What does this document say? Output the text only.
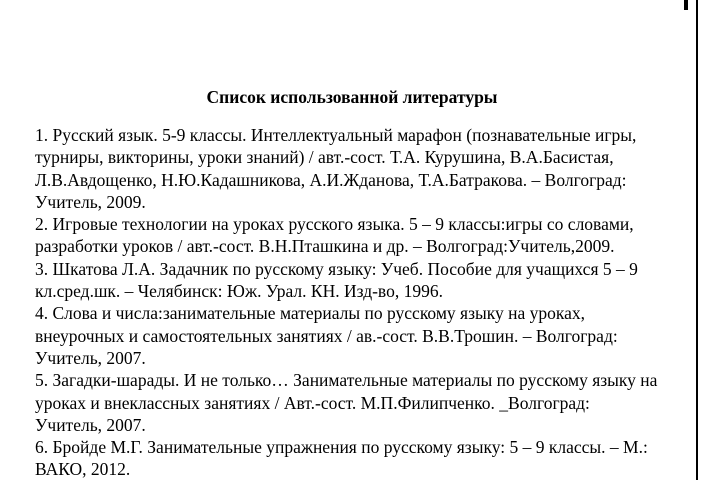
Список использованной литературы
1. Русский язык. 5-9 классы. Интеллектуальный марафон (познавательные игры,
турниры, викторины, уроки знаний) / авт.-сост. Т.А. Курушина, В.А.Басистая,
Л.В.Авдощенко, Н.Ю.Кадашникова, А.И.Жданова, Т.А.Батракова. – Волгоград:
Учитель, 2009.
2. Игровые технологии на уроках русского языка. 5 – 9 классы:игры со словами,
разработки уроков / авт.-сост. В.Н.Пташкина и др. – Волгоград:Учитель,2009.
3. Шкатова Л.А. Задачник по русскому языку: Учеб. Пособие для учащихся 5 – 9
кл.сред.шк. – Челябинск: Юж. Урал. КН. Изд-во, 1996.
4. Слова и числа:занимательные материалы по русскому языку на уроках,
внеурочных и самостоятельных занятиях / ав.-сост. В.В.Трошин. – Волгоград:
Учитель, 2007.
5. Загадки-шарады. И не только… Занимательные материалы по русскому языку на
уроках и внеклассных занятиях / Авт.-сост. М.П.Филипченко. _Волгоград:
Учитель, 2007.
6. Бройде М.Г. Занимательные упражнения по русскому языку: 5 – 9 классы. – М.:
ВАКО, 2012.
